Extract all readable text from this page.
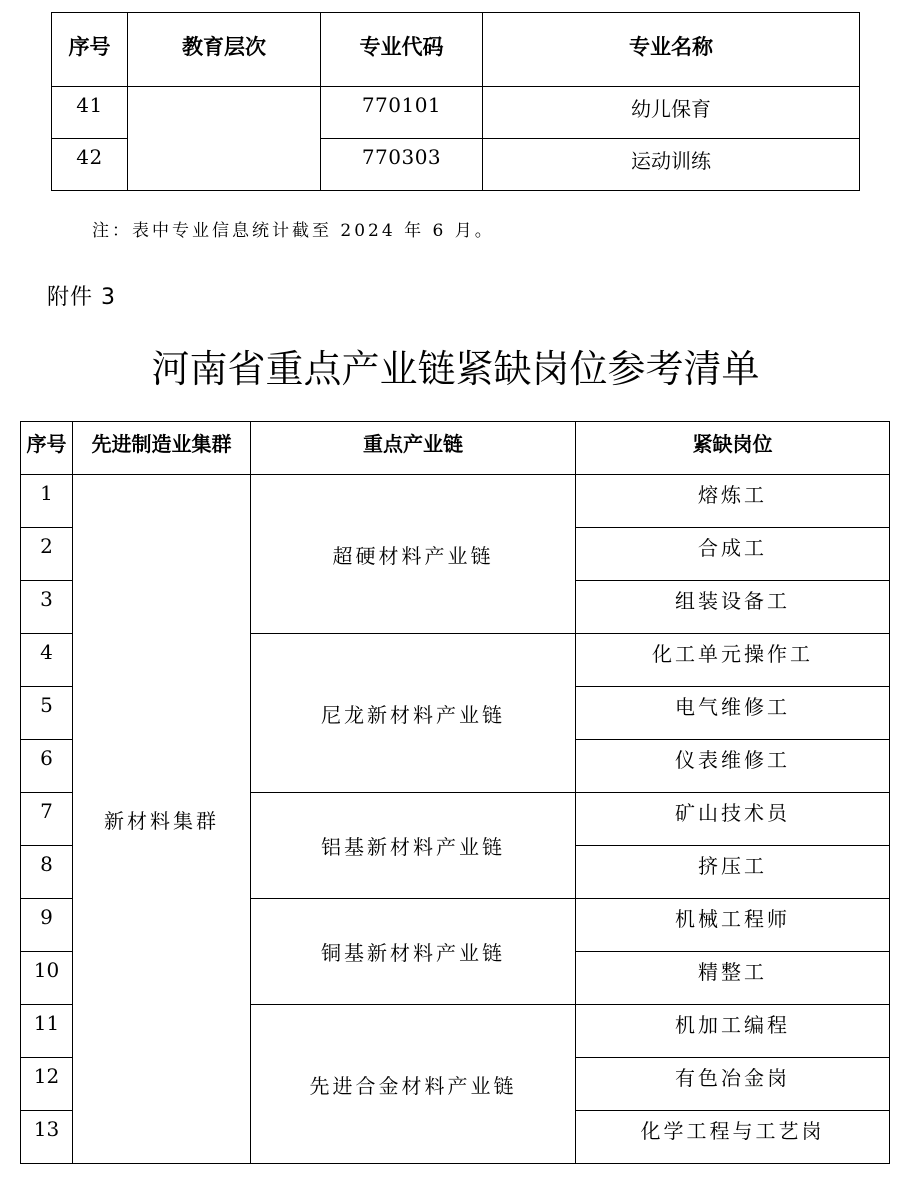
序号	教育层次	专业代码	专业名称
41		770101	幼儿保育
42		770303	运动训练
注：表中专业信息统计截至 2024 年 6 月。
附件 3
河南省重点产业链紧缺岗位参考清单
序号	先进制造业集群	重点产业链	紧缺岗位
1	新材料集群	超硬材料产业链	熔炼工
2			合成工
3			组装设备工
4		尼龙新材料产业链	化工单元操作工
5			电气维修工
6			仪表维修工
7		铝基新材料产业链	矿山技术员
8			挤压工
9		铜基新材料产业链	机械工程师
10			精整工
11		先进合金材料产业链	机加工编程
12			有色冶金岗
13			化学工程与工艺岗
